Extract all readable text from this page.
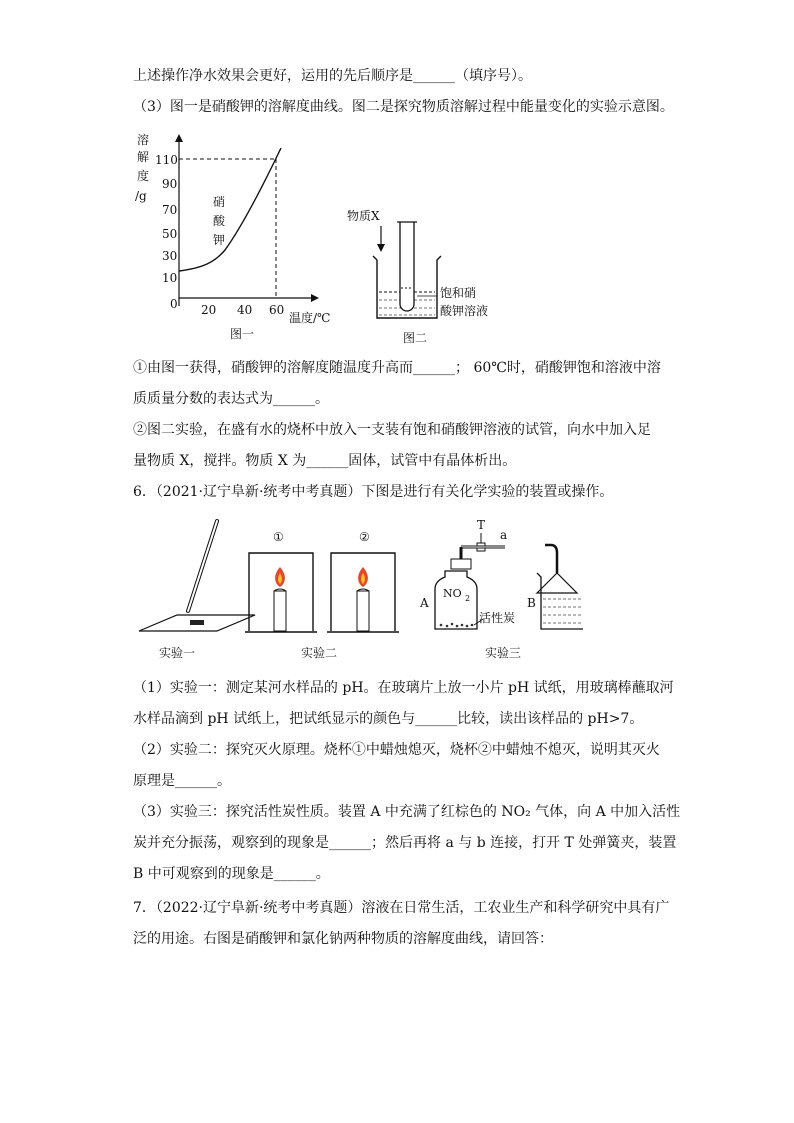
上述操作净水效果会更好，运用的先后顺序是______（填序号）。
（3）图一是硝酸钾的溶解度曲线。图二是探究物质溶解过程中能量变化的实验示意图。
溶
解
度
/g
110
90
70
50
30
10
0 20 40 60
温度/℃
硝
酸
钾
图一
物质X
饱和硝
酸钾溶液
图二
①由图一获得，硝酸钾的溶解度随温度升高而______； 60℃时，硝酸钾饱和溶液中溶
质质量分数的表达式为______。
②图二实验，在盛有水的烧杯中放入一支装有饱和硝酸钾溶液的试管，向水中加入足
量物质 X，搅拌。物质 X 为______固体，试管中有晶体析出。
6．（2021·辽宁阜新·统考中考真题）下图是进行有关化学实验的装置或操作。
实验一
①	②
实验二
T
a
NO 2
A
活性炭
B
实验三
（1）实验一：测定某河水样品的 pH。在玻璃片上放一小片 pH 试纸，用玻璃棒蘸取河
水样品滴到 pH 试纸上，把试纸显示的颜色与______比较，读出该样品的 pH>7。
（2）实验二：探究灭火原理。烧杯①中蜡烛熄灭，烧杯②中蜡烛不熄灭，说明其灭火
原理是______。
（3）实验三：探究活性炭性质。装置 A 中充满了红棕色的 NO₂ 气体，向 A 中加入活性
炭并充分振荡，观察到的现象是______；然后再将 a 与 b 连接，打开 T 处弹簧夹，装置
B 中可观察到的现象是______。
7．（2022·辽宁阜新·统考中考真题）溶液在日常生活，工农业生产和科学研究中具有广
泛的用途。右图是硝酸钾和氯化钠两种物质的溶解度曲线，请回答：
